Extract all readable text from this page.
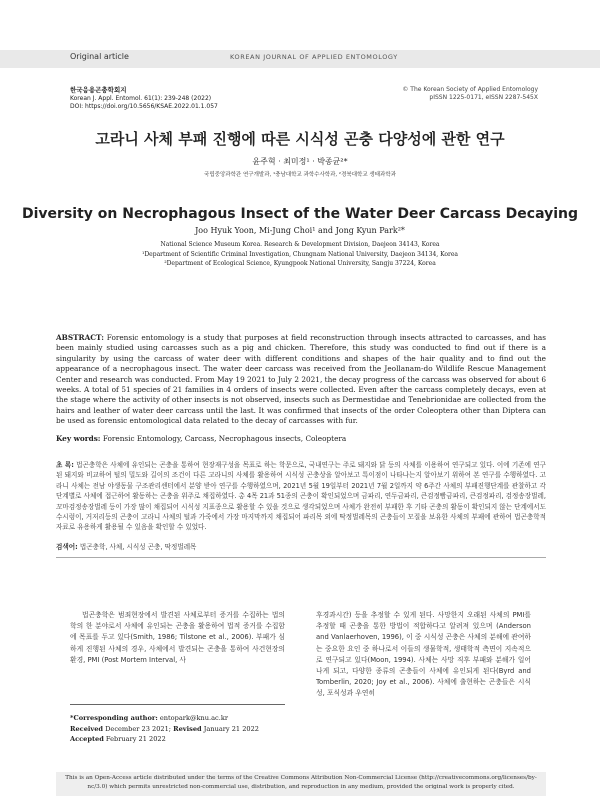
Original article	KOREAN JOURNAL OF APPLIED ENTOMOLOGY
한국응용곤충학회지
Korean J. Appl. Entomol. 61(1): 239-248 (2022)
DOI: https://doi.org/10.5656/KSAE.2022.01.1.057
© The Korean Society of Applied Entomology
pISSN 1225-0171, eISSN 2287-545X
고라니 사체 부패 진행에 따른 시식성 곤충 다양성에 관한 연구
윤주혁 · 최미정¹ · 박종균²*
국립중앙과학관 연구개발과, ¹충남대학교 과학수사학과, ²경북대학교 생태과학과
Diversity on Necrophagous Insect of the Water Deer Carcass Decaying
Joo Hyuk Yoon, Mi-Jung Choi¹ and Jong Kyun Park²*
National Science Museum Korea. Research & Development Division, Daejeon 34143, Korea
¹Department of Scientific Criminal Investigation, Chungnam National University, Daejeon 34134, Korea
²Department of Ecological Science, Kyungpook National University, Sangju 37224, Korea
ABSTRACT: Forensic entomology is a study that purposes at field reconstruction through insects attracted to carcasses, and has been mainly studied using carcasses such as a pig and chicken. Therefore, this study was conducted to find out if there is a singularity by using the carcass of water deer with different conditions and shapes of the hair quality and to find out the appearance of a necrophagous insect. The water deer carcass was received from the Jeollanam-do Wildlife Rescue Management Center and research was conducted. From May 19 2021 to July 2 2021, the decay progress of the carcass was observed for about 6 weeks. A total of 51 species of 21 families in 4 orders of insects were collected. Even after the carcass completely decays, even at the stage where the activity of other insects is not observed, insects such as Dermestidae and Tenebrionidae are collected from the hairs and leather of water deer carcass until the last. It was confirmed that insects of the order Coleoptera other than Diptera can be used as forensic entomological data related to the decay of carcasses with fur.
Key words: Forensic Entomology, Carcass, Necrophagous insects, Coleoptera
초 록: 법곤충학은 사체에 유인되는 곤충을 통하여 현장재구성을 목표로 하는 학문으로, 국내연구는 주로 돼지와 닭 등의 사체를 이용하여 연구되고 있다. 이에 기존에 연구된 돼지와 비교하여 털의 밀도와 길이의 조건이 다른 고라니의 사체를 활용하여 시식성 곤충상을 알아보고 특이점이 나타나는지 알아보기 위하여 본 연구를 수행하였다. 고라니 사체는 전남 야생동물 구조관리센터에서 분양 받아 연구를 수행하였으며, 2021년 5월 19일부터 2021년 7월 2일까지 약 6주간 사체의 부패진행단계를 관찰하고 각 단계별로 사체에 접근하여 활동하는 곤충을 위주로 채집하였다. 총 4목 21과 51종의 곤충이 확인되었으며 금파리, 연두금파리, 큰검정빰금파리, 큰검정파리, 검정송장벌레, 꼬마검정송장벌레 등이 가장 많이 채집되어 시식성 지표종으로 활용할 수 있을 것으로 생각되었으며 사체가 완전히 부패한 후 기타 곤충의 활동이 확인되지 않는 단계에서도 수시렁이, 거저리등의 곤충이 고라니 사체의 털과 가죽에서 가장 마지막까지 채집되어 파리목 외에 딱정벌레목의 곤충들이 모질을 보유한 사체의 부패에 관하여 법곤충학적 자료로 유용하게 활용될 수 있음을 확인할 수 있었다.
검색어: 법곤충학, 사체, 시식성 곤충, 딱정벌레목

법곤충학은 범죄현장에서 발견된 사체로부터 증거를 수집하는 법의학의 한 분야로서 사체에 유인되는 곤충을 활용하여 법적 증거를 수집함에 목표를 두고 있다(Smith, 1986; Tilstone et al., 2006). 부패가 심하게 진행된 사체의 경우, 사체에서 발견되는 곤충을 통하여 사건현장의 환경, PMI (Post Mortem Interval, 사

후경과시간) 등을 추정할 수 있게 된다. 사망한지 오래된 사체의 PMI를 추정할 때 곤충을 통한 방법이 적합하다고 알려져 있으며 (Anderson and Vanlaerhoven, 1996), 이 중 시식성 곤충은 사체의 분해에 관여하는 중요한 요인 중 하나로서 이들의 생물학적, 생태학적 측면이 지속적으로 연구되고 있다(Moon, 1994). 사체는 사망 직후 부패와 분해가 일어나게 되고, 다양한 종류의 곤충들이 사체에 유인되게 된다(Byrd and Tomberlin, 2020; Joy et al., 2006). 사체에 출현하는 곤충들은 시식성, 포식성과 우연히

*Corresponding author: entopark@knu.ac.kr
Received December 23 2021; Revised January 21 2022
Accepted February 21 2022
This is an Open-Access article distributed under the terms of the Creative Commons Attribution Non-Commercial License (http://creativecommons.org/licenses/by-nc/3.0) which permits unrestricted non-commercial use, distribution, and reproduction in any medium, provided the original work is properly cited.
